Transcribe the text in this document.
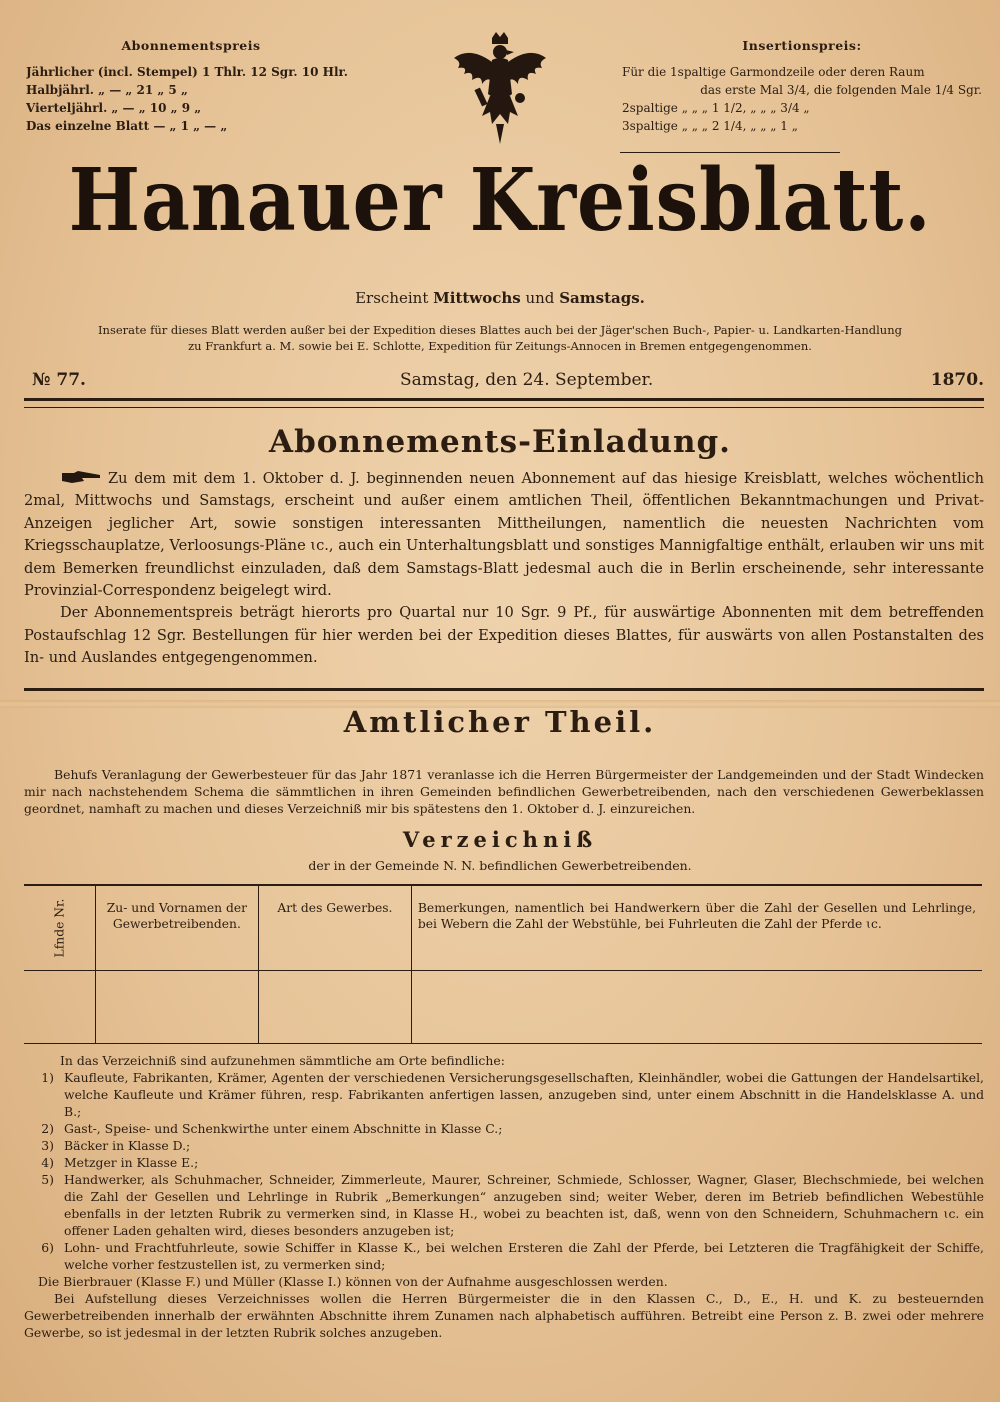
Abonnementspreis
Jährlicher (incl. Stempel) 1 Thlr. 12 Sgr. 10 Hlr.
Halbjährl. „ — „ 21 „ 5 „
Vierteljährl. „ — „ 10 „ 9 „
Das einzelne Blatt — „ 1 „ — „
Insertionspreis:
Für die 1spaltige Garmondzeile oder deren Raum
das erste Mal 3/4, die folgenden Male 1/4 Sgr.
2spaltige „ „ „ 1 1/2, „ „ „ 3/4 „
3spaltige „ „ „ 2 1/4, „ „ „ 1 „
Hanauer Kreisblatt.
Erscheint Mittwochs und Samstags.
Inserate für dieses Blatt werden außer bei der Expedition dieses Blattes auch bei der Jäger'schen Buch-, Papier- u. Landkarten-Handlung
zu Frankfurt a. M. sowie bei E. Schlotte, Expedition für Zeitungs-Annocen in Bremen entgegengenommen.
№ 77.	Samstag, den 24. September.	1870.
Abonnements-Einladung.

Zu dem mit dem 1. Oktober d. J. beginnenden neuen Abonnement auf das hiesige Kreisblatt, welches wöchentlich 2mal, Mittwochs und Samstags, erscheint und außer einem amtlichen Theil, öffentlichen Bekanntmachungen und Privat-Anzeigen jeglicher Art, sowie sonstigen interessanten Mittheilungen, namentlich die neuesten Nachrichten vom Kriegsschauplatze, Verloosungs-Pläne ɩc., auch ein Unterhaltungsblatt und sonstiges Mannigfaltige enthält, erlauben wir uns mit dem Bemerken freundlichst einzuladen, daß dem Samstags-Blatt jedesmal auch die in Berlin erscheinende, sehr interessante Provinzial-Correspondenz beigelegt wird.

Der Abonnementspreis beträgt hierorts pro Quartal nur 10 Sgr. 9 Pf., für auswärtige Abonnenten mit dem betreffenden Postaufschlag 12 Sgr. Bestellungen für hier werden bei der Expedition dieses Blattes, für auswärts von allen Postanstalten des In- und Auslandes entgegengenommen.

Amtlicher Theil.

Behufs Veranlagung der Gewerbesteuer für das Jahr 1871 veranlasse ich die Herren Bürgermeister der Landgemeinden und der Stadt Windecken mir nach nachstehendem Schema die sämmtlichen in ihren Gemeinden befindlichen Gewerbetreibenden, nach den verschiedenen Gewerbeklassen geordnet, namhaft zu machen und dieses Verzeichniß mir bis spätestens den 1. Oktober d. J. einzureichen.

Verzeichniß
der in der Gemeinde N. N. befindlichen Gewerbetreibenden.
Lfnde Nr.	Zu- und Vornamen der Gewerbetreibenden.	Art des Gewerbes.	Bemerkungen, namentlich bei Handwerkern über die Zahl der Gesellen und Lehrlinge, bei Webern die Zahl der Webstühle, bei Fuhrleuten die Zahl der Pferde ɩc.

In das Verzeichniß sind aufzunehmen sämmtliche am Orte befindliche:
1) Kaufleute, Fabrikanten, Krämer, Agenten der verschiedenen Versicherungsgesellschaften, Kleinhändler, wobei die Gattungen der Handelsartikel, welche Kaufleute und Krämer führen, resp. Fabrikanten anfertigen lassen, anzugeben sind, unter einem Abschnitt in die Handelsklasse A. und B.;
2) Gast-, Speise- und Schenkwirthe unter einem Abschnitte in Klasse C.;
3) Bäcker in Klasse D.;
4) Metzger in Klasse E.;
5) Handwerker, als Schuhmacher, Schneider, Zimmerleute, Maurer, Schreiner, Schmiede, Schlosser, Wagner, Glaser, Blechschmiede, bei welchen die Zahl der Gesellen und Lehrlinge in Rubrik „Bemerkungen“ anzugeben sind; weiter Weber, deren im Betrieb befindlichen Webestühle ebenfalls in der letzten Rubrik zu vermerken sind, in Klasse H., wobei zu beachten ist, daß, wenn von den Schneidern, Schuhmachern ɩc. ein offener Laden gehalten wird, dieses besonders anzugeben ist;
6) Lohn- und Frachtfuhrleute, sowie Schiffer in Klasse K., bei welchen Ersteren die Zahl der Pferde, bei Letzteren die Tragfähigkeit der Schiffe, welche vorher festzustellen ist, zu vermerken sind;
Die Bierbrauer (Klasse F.) und Müller (Klasse I.) können von der Aufnahme ausgeschlossen werden.
Bei Aufstellung dieses Verzeichnisses wollen die Herren Bürgermeister die in den Klassen C., D., E., H. und K. zu besteuernden Gewerbetreibenden innerhalb der erwähnten Abschnitte ihrem Zunamen nach alphabetisch aufführen. Betreibt eine Person z. B. zwei oder mehrere Gewerbe, so ist jedesmal in der letzten Rubrik solches anzugeben.
